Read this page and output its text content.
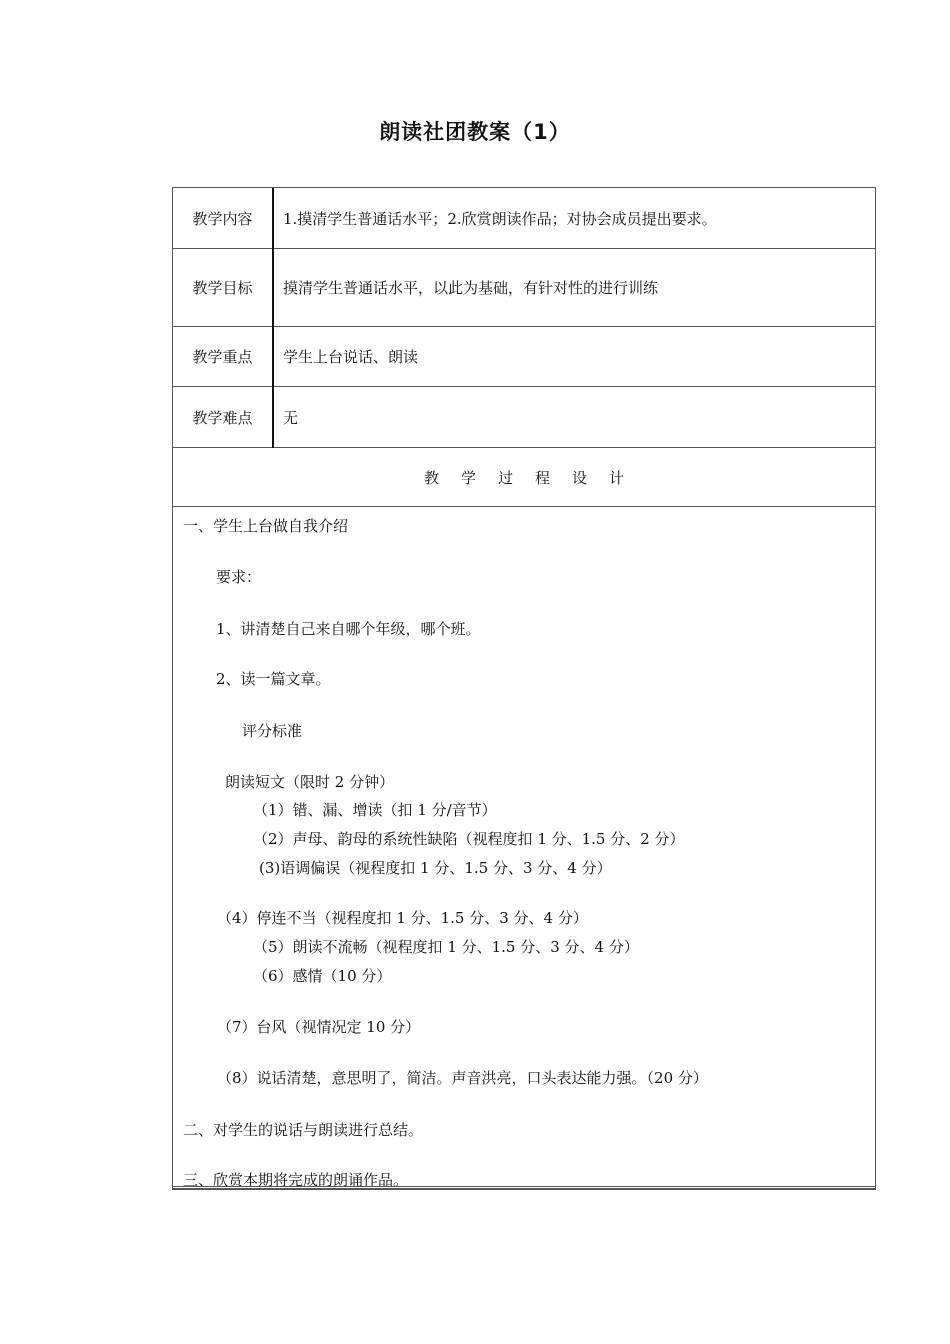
朗读社团教案（1）
教学内容	1.摸清学生普通话水平；2.欣赏朗读作品；对协会成员提出要求。
教学目标	摸清学生普通话水平，以此为基础，有针对性的进行训练
教学重点	学生上台说话、朗读
教学难点	无
教学过程设计
一、学生上台做自我介绍
要求：
1、讲清楚自己来自哪个年级，哪个班。
2、读一篇文章。
评分标准
朗读短文（限时 2 分钟）
（1）错、漏、增读（扣 1 分/音节）
（2）声母、韵母的系统性缺陷（视程度扣 1 分、1.5 分、2 分）
(3)语调偏误（视程度扣 1 分、1.5 分、3 分、4 分）
（4）停连不当（视程度扣 1 分、1.5 分、3 分、4 分）
（5）朗读不流畅（视程度扣 1 分、1.5 分、3 分、4 分）
（6）感情（10 分）
（7）台风（视情况定 10 分）
（8）说话清楚，意思明了，简洁。声音洪亮，口头表达能力强。（20 分）
二、对学生的说话与朗读进行总结。
三、欣赏本期将完成的朗诵作品。
